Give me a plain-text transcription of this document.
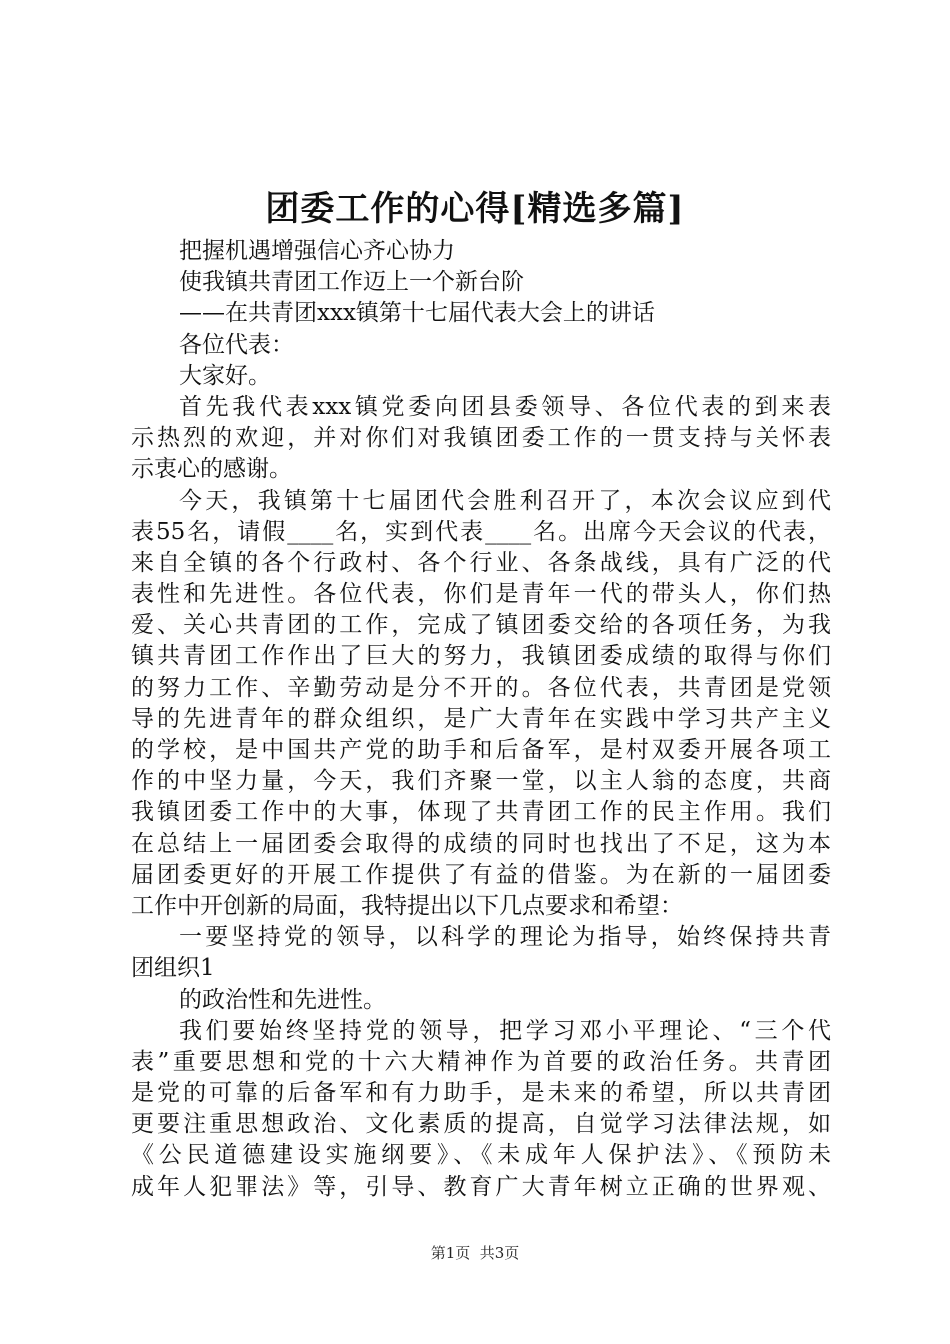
团委工作的心得[精选多篇]
把握机遇增强信心齐心协力
使我镇共青团工作迈上一个新台阶
——在共青团xxx镇第十七届代表大会上的讲话
各位代表：
大家好。
首先我代表xxx镇党委向团县委领导、各位代表的到来表
示热烈的欢迎，并对你们对我镇团委工作的一贯支持与关怀表
示衷心的感谢。
今天，我镇第十七届团代会胜利召开了，本次会议应到代
表55名，请假____名，实到代表____名。出席今天会议的代表，
来自全镇的各个行政村、各个行业、各条战线，具有广泛的代
表性和先进性。各位代表，你们是青年一代的带头人，你们热
爱、关心共青团的工作，完成了镇团委交给的各项任务，为我
镇共青团工作作出了巨大的努力，我镇团委成绩的取得与你们
的努力工作、辛勤劳动是分不开的。各位代表，共青团是党领
导的先进青年的群众组织，是广大青年在实践中学习共产主义
的学校，是中国共产党的助手和后备军，是村双委开展各项工
作的中坚力量，今天，我们齐聚一堂，以主人翁的态度，共商
我镇团委工作中的大事，体现了共青团工作的民主作用。我们
在总结上一届团委会取得的成绩的同时也找出了不足，这为本
届团委更好的开展工作提供了有益的借鉴。为在新的一届团委
工作中开创新的局面，我特提出以下几点要求和希望：
一要坚持党的领导，以科学的理论为指导，始终保持共青
团组织1
的政治性和先进性。
我们要始终坚持党的领导，把学习邓小平理论、“三个代
表”重要思想和党的十六大精神作为首要的政治任务。共青团
是党的可靠的后备军和有力助手，是未来的希望，所以共青团
更要注重思想政治、文化素质的提高，自觉学习法律法规，如
《公民道德建设实施纲要》、《未成年人保护法》、《预防未
成年人犯罪法》等，引导、教育广大青年树立正确的世界观、
第1页  共3页
